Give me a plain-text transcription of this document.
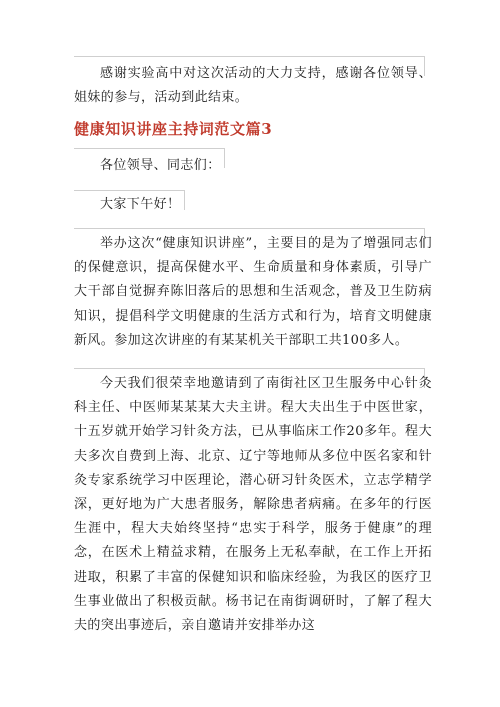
感谢实验高中对这次活动的大力支持，感谢各位领导、姐妹的参与，活动到此结束。

健康知识讲座主持词范文篇3

各位领导、同志们：

大家下午好！

举办这次“健康知识讲座”，主要目的是为了增强同志们的保健意识，提高保健水平、生命质量和身体素质，引导广大干部自觉摒弃陈旧落后的思想和生活观念，普及卫生防病知识，提倡科学文明健康的生活方式和行为，培育文明健康新风。参加这次讲座的有某某机关干部职工共100多人。

今天我们很荣幸地邀请到了南街社区卫生服务中心针灸科主任、中医师某某某大夫主讲。程大夫出生于中医世家，十五岁就开始学习针灸方法，已从事临床工作20多年。程大夫多次自费到上海、北京、辽宁等地师从多位中医名家和针灸专家系统学习中医理论，潜心研习针灸医术，立志学精学深，更好地为广大患者服务，解除患者病痛。在多年的行医生涯中，程大夫始终坚持“忠实于科学，服务于健康”的理念，在医术上精益求精，在服务上无私奉献，在工作上开拓进取，积累了丰富的保健知识和临床经验，为我区的医疗卫生事业做出了积极贡献。杨书记在南街调研时，了解了程大夫的突出事迹后，亲自邀请并安排举办这
